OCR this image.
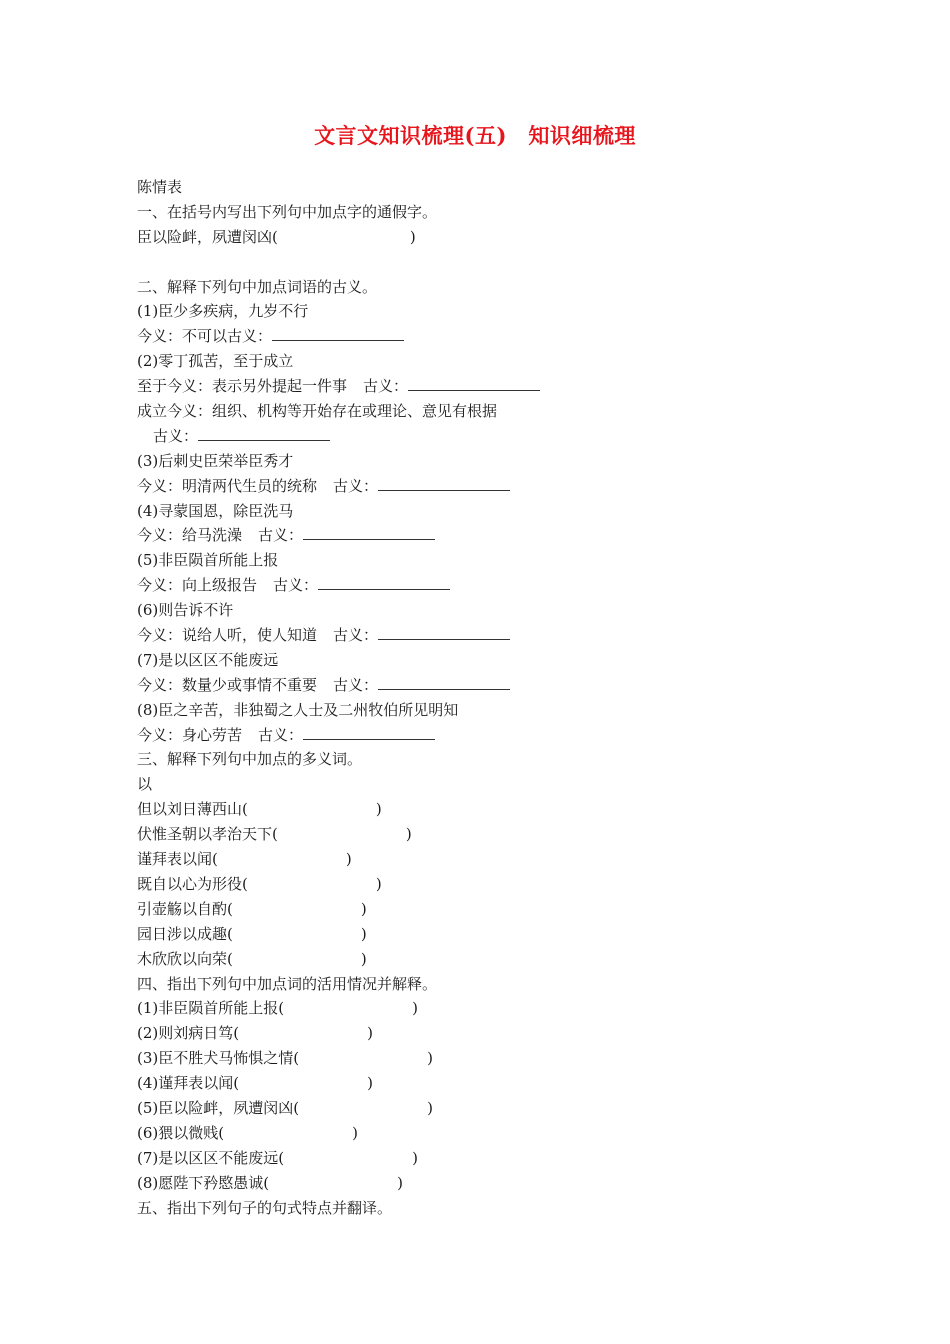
文言文知识梳理(五)　知识细梳理
陈情表
一、在括号内写出下列句中加点字的通假字。
臣以险衅，夙遭闵凶(	)
二、解释下列句中加点词语的古义。
(1)臣少多疾病，九岁不行
今义：不可以古义：
(2)零丁孤苦，至于成立
至于今义：表示另外提起一件事 古义：
成立今义：组织、机构等开始存在或理论、意见有根据
古义：
(3)后刺史臣荣举臣秀才
今义：明清两代生员的统称 古义：
(4)寻蒙国恩，除臣洗马
今义：给马洗澡 古义：
(5)非臣陨首所能上报
今义：向上级报告 古义：
(6)则告诉不许
今义：说给人听，使人知道 古义：
(7)是以区区不能废远
今义：数量少或事情不重要 古义：
(8)臣之辛苦，非独蜀之人士及二州牧伯所见明知
今义：身心劳苦 古义：
三、解释下列句中加点的多义词。
以
但以刘日薄西山(	)
伏惟圣朝以孝治天下(	)
谨拜表以闻(	)
既自以心为形役(	)
引壶觞以自酌(	)
园日涉以成趣(	)
木欣欣以向荣(	)
四、指出下列句中加点词的活用情况并解释。
(1)非臣陨首所能上报(	)
(2)则刘病日笃(	)
(3)臣不胜犬马怖惧之情(	)
(4)谨拜表以闻(	)
(5)臣以险衅，夙遭闵凶(	)
(6)猥以微贱(	)
(7)是以区区不能废远(	)
(8)愿陛下矜愍愚诚(	)
五、指出下列句子的句式特点并翻译。
